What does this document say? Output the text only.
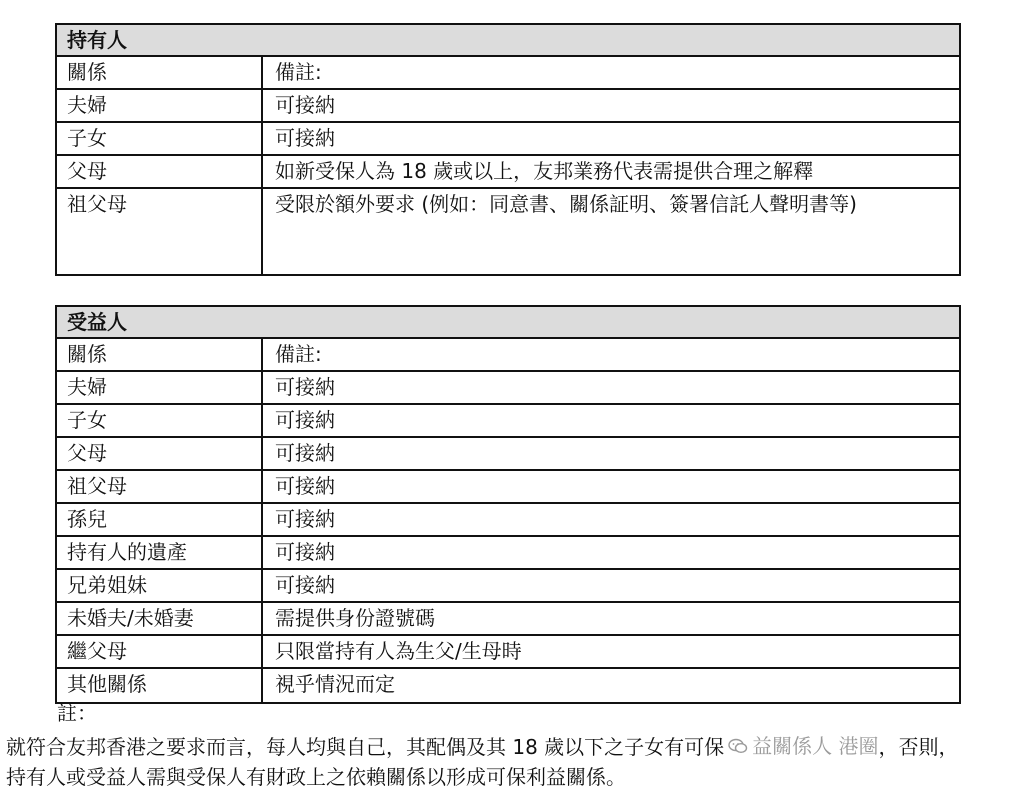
持有人
關係	備註:
夫婦	可接納
子女	可接納
父母	如新受保人為 18 歲或以上，友邦業務代表需提供合理之解釋
祖父母	受限於額外要求 (例如：同意書、關係証明、簽署信託人聲明書等)
受益人
關係	備註:
夫婦	可接納
子女	可接納
父母	可接納
祖父母	可接納
孫兒	可接納
持有人的遺產	可接納
兄弟姐妹	可接納
未婚夫/未婚妻	需提供身份證號碼
繼父母	只限當持有人為生父/生母時
其他關係	視乎情況而定
註：
就符合友邦香港之要求而言，每人均與自己，其配偶及其 18 歲以下之子女有可保 益關係人 港圈 ，否則，
持有人或受益人需與受保人有財政上之依賴關係以形成可保利益關係。
